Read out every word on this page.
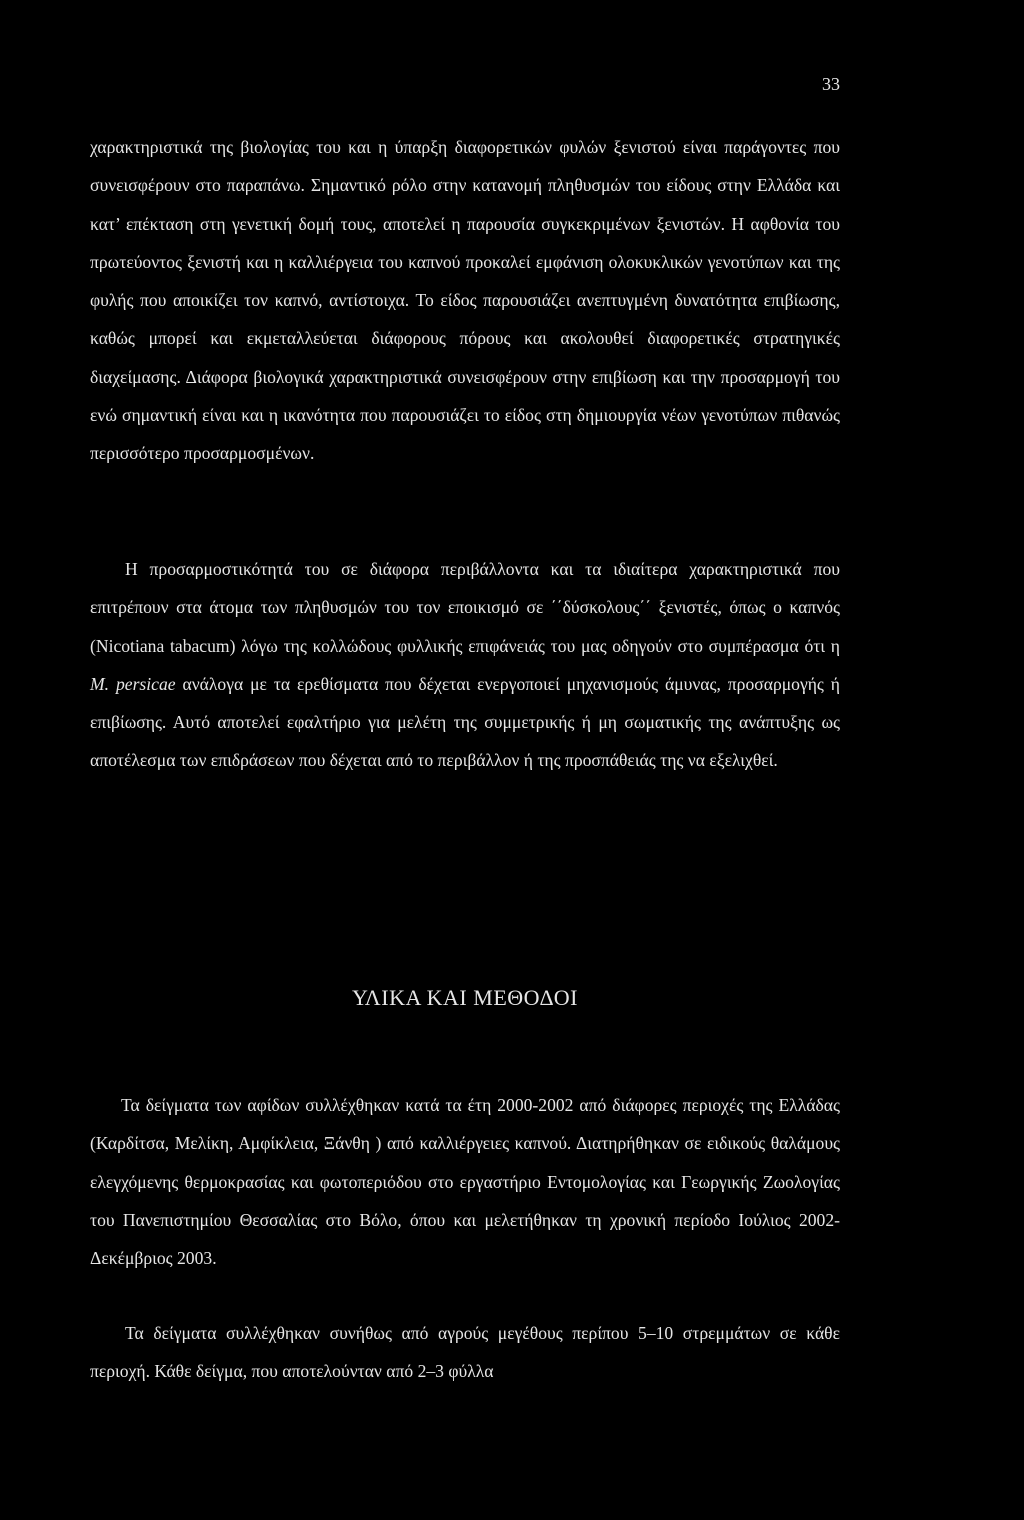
33

χαρακτηριστικά της βιολογίας του και η ύπαρξη διαφορετικών φυλών ξενιστού είναι παράγοντες που συνεισφέρουν στο παραπάνω. Σημαντικό ρόλο στην κατανομή πληθυσμών του είδους στην Ελλάδα και κατ’ επέκταση στη γενετική δομή τους, αποτελεί η παρουσία συγκεκριμένων ξενιστών. Η αφθονία του πρωτεύοντος ξενιστή και η καλλιέργεια του καπνού προκαλεί εμφάνιση ολοκυκλικών γενοτύπων και της φυλής που αποικίζει τον καπνό, αντίστοιχα. Το είδος παρουσιάζει ανεπτυγμένη δυνατότητα επιβίωσης, καθώς μπορεί και εκμεταλλεύεται διάφορους πόρους και ακολουθεί διαφορετικές στρατηγικές διαχείμασης. Διάφορα βιολογικά χαρακτηριστικά συνεισφέρουν στην επιβίωση και την προσαρμογή του ενώ σημαντική είναι και η ικανότητα που παρουσιάζει το είδος στη δημιουργία νέων γενοτύπων πιθανώς περισσότερο προσαρμοσμένων.

Η προσαρμοστικότητά του σε διάφορα περιβάλλοντα και τα ιδιαίτερα χαρακτηριστικά που επιτρέπουν στα άτομα των πληθυσμών του τον εποικισμό σε ΄΄δύσκολους΄΄ ξενιστές, όπως ο καπνός (Nicotiana tabacum) λόγω της κολλώδους φυλλικής επιφάνειάς του μας οδηγούν στο συμπέρασμα ότι η M. persicae ανάλογα με τα ερεθίσματα που δέχεται ενεργοποιεί μηχανισμούς άμυνας, προσαρμογής ή επιβίωσης. Αυτό αποτελεί εφαλτήριο για μελέτη της συμμετρικής ή μη σωματικής της ανάπτυξης ως αποτέλεσμα των επιδράσεων που δέχεται από το περιβάλλον ή της προσπάθειάς της να εξελιχθεί.

ΥΛΙΚΑ ΚΑΙ ΜΕΘΟΔΟΙ

Τα δείγματα των αφίδων συλλέχθηκαν κατά τα έτη 2000-2002 από διάφορες περιοχές της Ελλάδας (Καρδίτσα, Μελίκη, Αμφίκλεια, Ξάνθη ) από καλλιέργειες καπνού. Διατηρήθηκαν σε ειδικούς θαλάμους ελεγχόμενης θερμοκρασίας και φωτοπεριόδου στο εργαστήριο Εντομολογίας και Γεωργικής Ζωολογίας του Πανεπιστημίου Θεσσαλίας στο Βόλο, όπου και μελετήθηκαν τη χρονική περίοδο Ιούλιος 2002- Δεκέμβριος 2003.

Τα δείγματα συλλέχθηκαν συνήθως από αγρούς μεγέθους περίπου 5–10 στρεμμάτων σε κάθε περιοχή. Κάθε δείγμα, που αποτελούνταν από 2–3 φύλλα
